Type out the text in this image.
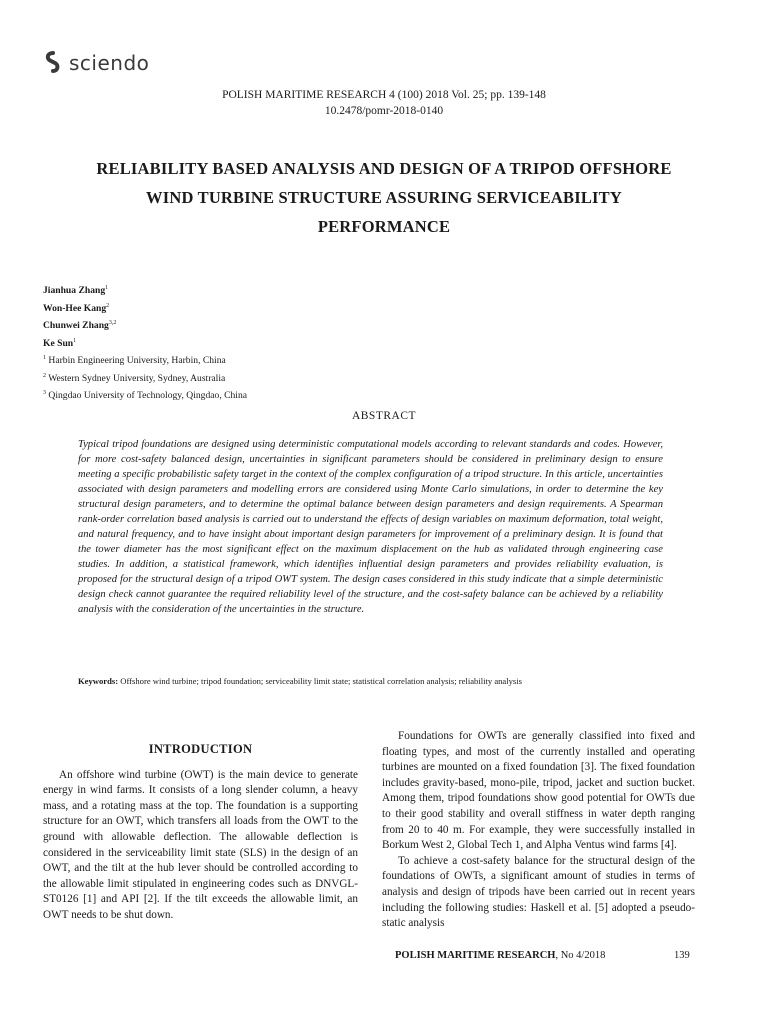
sciendo
POLISH MARITIME RESEARCH 4 (100) 2018 Vol. 25; pp. 139-148
10.2478/pomr-2018-0140
RELIABILITY BASED ANALYSIS AND DESIGN OF A TRIPOD OFFSHORE WIND TURBINE STRUCTURE ASSURING SERVICEABILITY PERFORMANCE
Jianhua Zhang$^1$
Won-Hee Kang$^2$
Chunwei Zhang$^{3,2}$
Ke Sun$^1$
$^1$ Harbin Engineering University, Harbin, China
$^2$ Western Sydney University, Sydney, Australia
$^3$ Qingdao University of Technology, Qingdao, China
ABSTRACT
Typical tripod foundations are designed using deterministic computational models according to relevant standards and codes. However, for more cost-safety balanced design, uncertainties in significant parameters should be considered in preliminary design to ensure meeting a specific probabilistic safety target in the context of the complex configuration of a tripod structure. In this article, uncertainties associated with design parameters and modelling errors are considered using Monte Carlo simulations, in order to determine the key structural design parameters, and to determine the optimal balance between design parameters and design requirements. A Spearman rank-order correlation based analysis is carried out to understand the effects of design variables on maximum deformation, total weight, and natural frequency, and to have insight about important design parameters for improvement of a preliminary design. It is found that the tower diameter has the most significant effect on the maximum displacement on the hub as validated through engineering case studies. In addition, a statistical framework, which identifies influential design parameters and provides reliability evaluation, is proposed for the structural design of a tripod OWT system. The design cases considered in this study indicate that a simple deterministic design check cannot guarantee the required reliability level of the structure, and the cost-safety balance can be achieved by a reliability analysis with the consideration of the uncertainties in the structure.
Keywords: Offshore wind turbine; tripod foundation; serviceability limit state; statistical correlation analysis; reliability analysis
INTRODUCTION

An offshore wind turbine (OWT) is the main device to generate energy in wind farms. It consists of a long slender column, a heavy mass, and a rotating mass at the top. The foundation is a supporting structure for an OWT, which transfers all loads from the OWT to the ground with allowable deflection. The allowable deflection is considered in the serviceability limit state (SLS) in the design of an OWT, and the tilt at the hub lever should be controlled according to the allowable limit stipulated in engineering codes such as DNVGL-ST0126 [1] and API [2]. If the tilt exceeds the allowable limit, an OWT needs to be shut down.

Foundations for OWTs are generally classified into fixed and floating types, and most of the currently installed and operating turbines are mounted on a fixed foundation [3]. The fixed foundation includes gravity-based, mono-pile, tripod, jacket and suction bucket. Among them, tripod foundations show good potential for OWTs due to their good stability and overall stiffness in water depth ranging from 20 to 40 m. For example, they were successfully installed in Borkum West 2, Global Tech 1, and Alpha Ventus wind farms [4].

To achieve a cost-safety balance for the structural design of the foundations of OWTs, a significant amount of studies in terms of analysis and design of tripods have been carried out in recent years including the following studies: Haskell et al. [5] adopted a pseudo-static analysis

POLISH MARITIME RESEARCH, No 4/2018	139
